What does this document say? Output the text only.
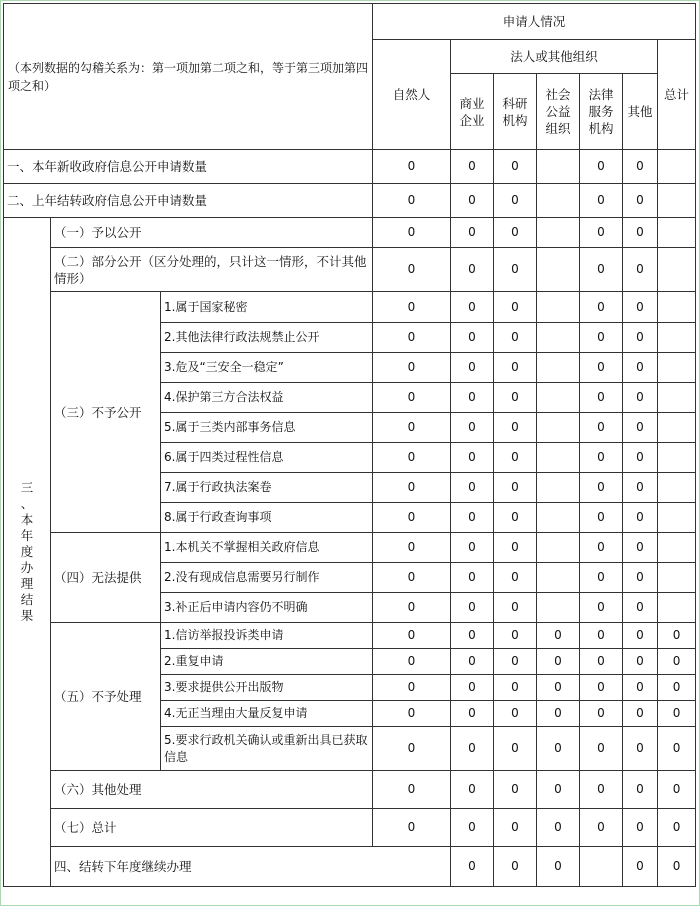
（本列数据的勾稽关系为：第一项加第二项之和，等于第三项加第四项之和）			申请人情况							
			自然人	法人或其他组织					总计	
				商业企业	科研机构	社会公益组织	法律服务机构	其他		
一、本年新收政府信息公开申请数量			0	0	0		0	0		
二、上年结转政府信息公开申请数量			0	0	0		0	0		

三、本年度办理结果	（一）予以公开		0	0	0		0	0		
	（二）部分公开（区分处理的，只计这一情形，不计其他情形）		0	0	0		0	0		
	（三）不予公开	1.属于国家秘密	0	0	0		0	0		
		2.其他法律行政法规禁止公开	0	0	0		0	0		
		3.危及“三安全一稳定”	0	0	0		0	0		
		4.保护第三方合法权益	0	0	0		0	0		
		5.属于三类内部事务信息	0	0	0		0	0		
		6.属于四类过程性信息	0	0	0		0	0		
		7.属于行政执法案卷	0	0	0		0	0		
		8.属于行政查询事项	0	0	0		0	0		
	（四）无法提供	1.本机关不掌握相关政府信息	0	0	0		0	0		
		2.没有现成信息需要另行制作	0	0	0		0	0		
		3.补正后申请内容仍不明确	0	0	0		0	0		
	（五）不予处理	1.信访举报投诉类申请	0	0	0	0	0	0	0	
		2.重复申请	0	0	0	0	0	0	0	
		3.要求提供公开出版物	0	0	0	0	0	0	0	
		4.无正当理由大量反复申请	0	0	0	0	0	0	0	
		5.要求行政机关确认或重新出具已获取信息	0	0	0	0	0	0	0	
	（六）其他处理		0	0	0	0	0	0	0	
	（七）总计		0	0	0	0	0	0	0	
	四、结转下年度继续办理			0	0	0		0	0	
